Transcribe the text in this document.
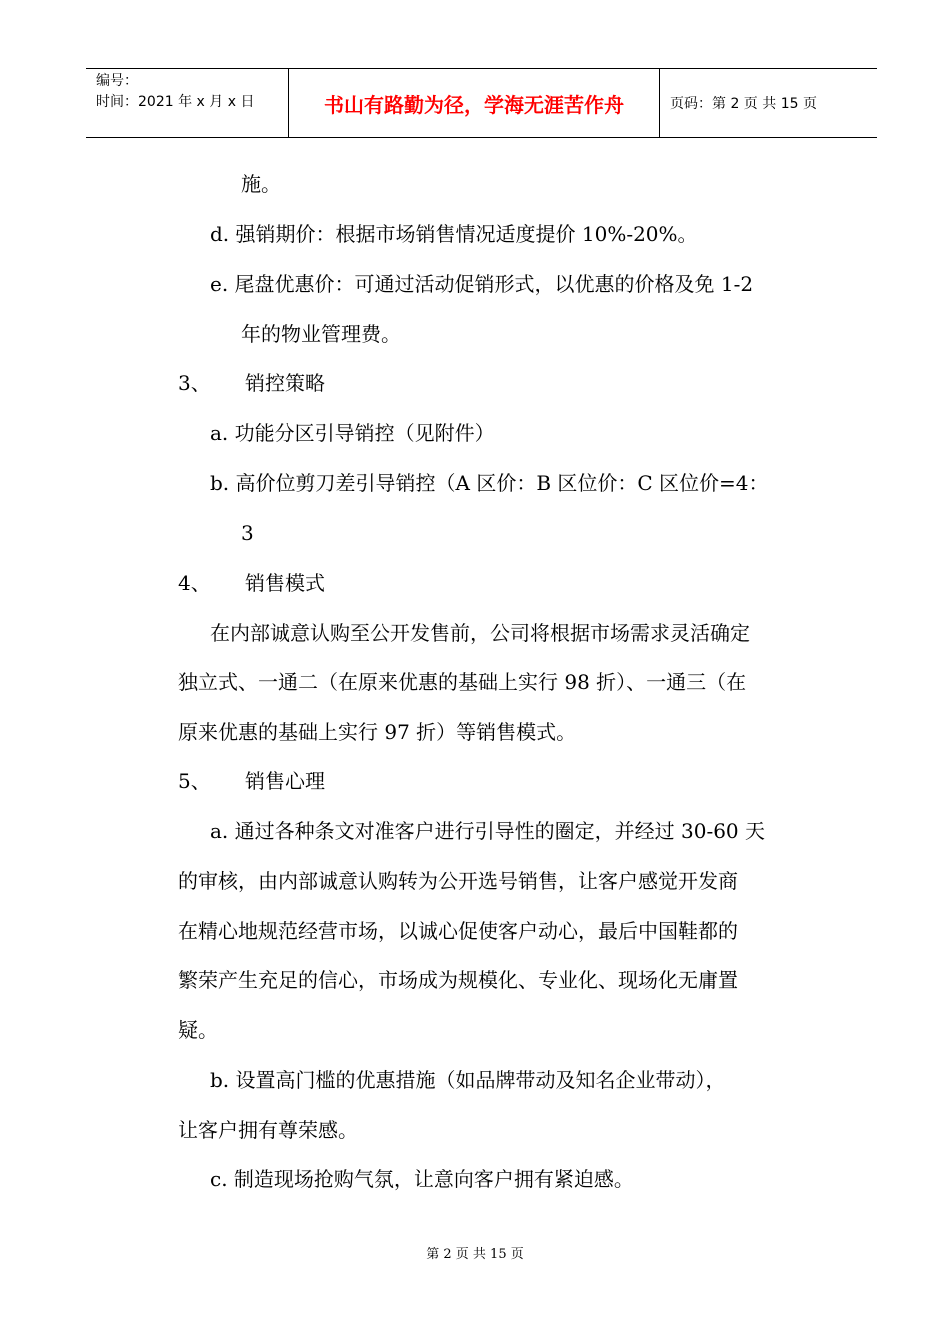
编号：
时间：2021 年 x 月 x 日	书山有路勤为径，学海无涯苦作舟	页码：第 2 页 共 15 页
施。
d. 强销期价：根据市场销售情况适度提价 10%-20%。
e. 尾盘优惠价：可通过活动促销形式，以优惠的价格及免 1-2
年的物业管理费。
3、 销控策略
a. 功能分区引导销控（见附件）
b. 高价位剪刀差引导销控（A 区价：B 区位价：C 区位价=4：
3
4、 销售模式
在内部诚意认购至公开发售前，公司将根据市场需求灵活确定
独立式、一通二（在原来优惠的基础上实行 98 折）、一通三（在
原来优惠的基础上实行 97 折）等销售模式。
5、 销售心理
a. 通过各种条文对准客户进行引导性的圈定，并经过 30-60 天
的审核，由内部诚意认购转为公开选号销售，让客户感觉开发商
在精心地规范经营市场，以诚心促使客户动心，最后中国鞋都的
繁荣产生充足的信心，市场成为规模化、专业化、现场化无庸置
疑。
b. 设置高门槛的优惠措施（如品牌带动及知名企业带动），
让客户拥有尊荣感。
c. 制造现场抢购气氛，让意向客户拥有紧迫感。
第 2 页 共 15 页
